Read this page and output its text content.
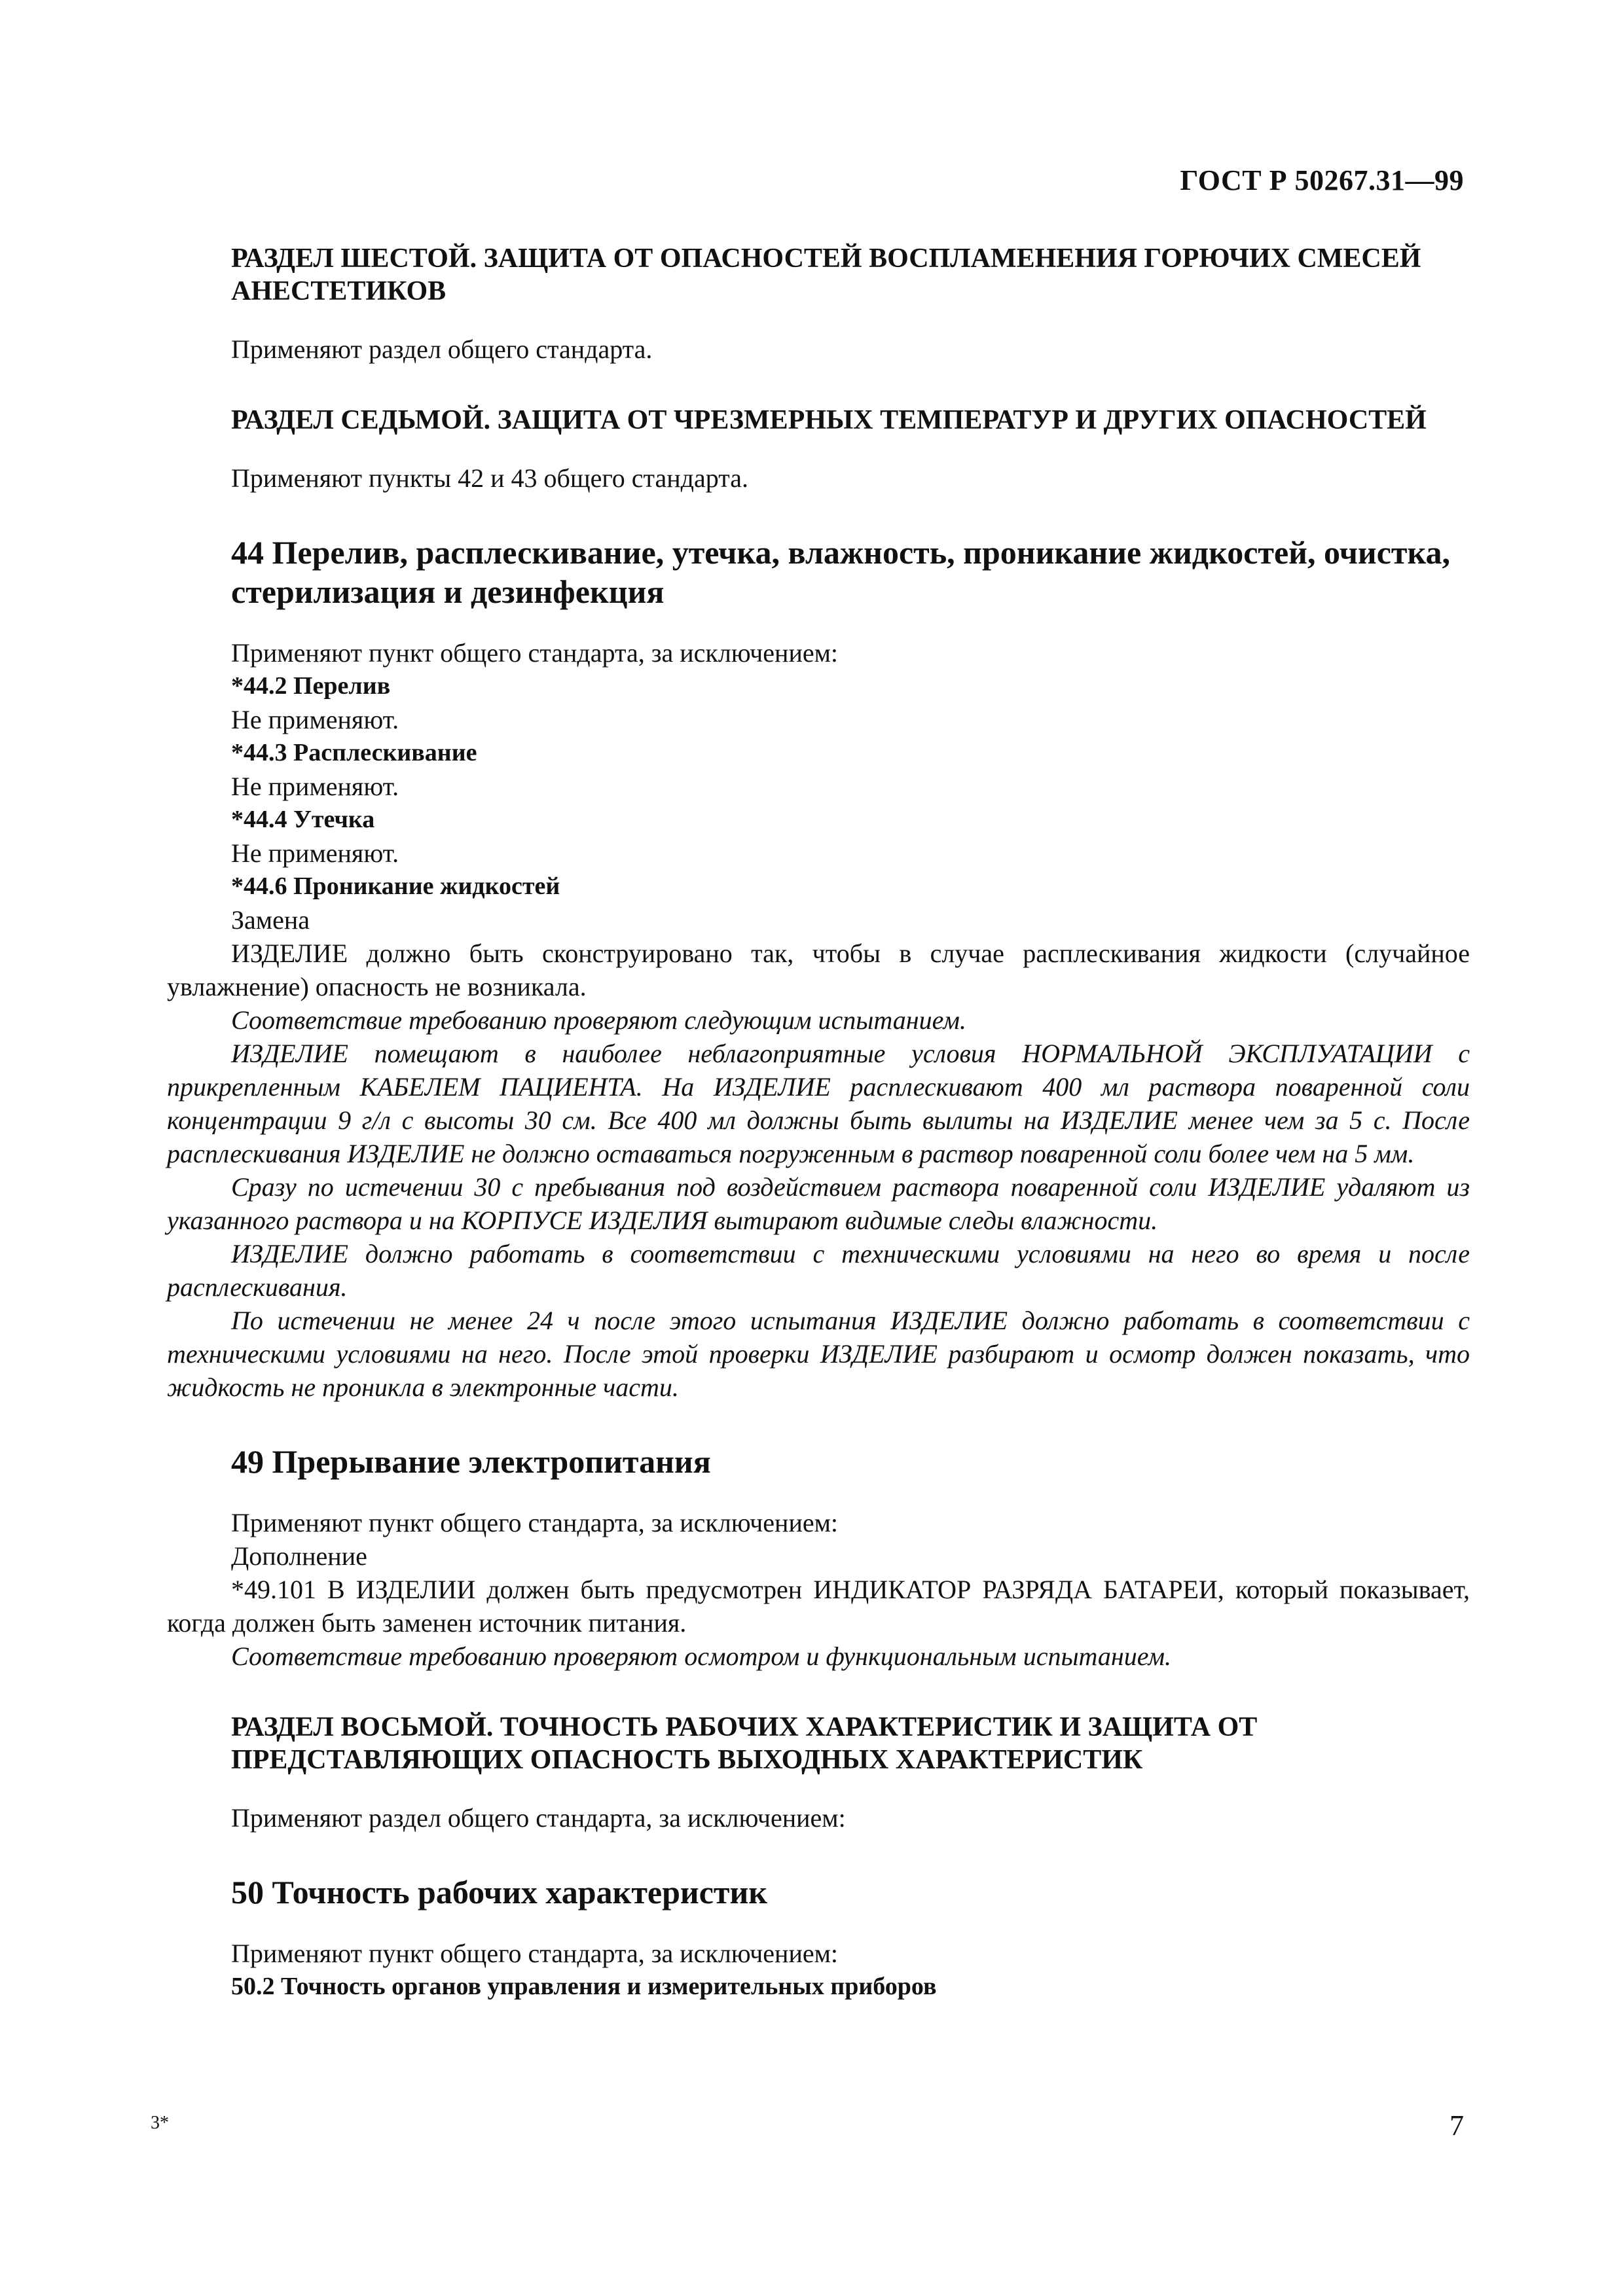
ГОСТ Р 50267.31—99
РАЗДЕЛ ШЕСТОЙ. ЗАЩИТА ОТ ОПАСНОСТЕЙ ВОСПЛАМЕНЕНИЯ ГОРЮЧИХ СМЕСЕЙ АНЕСТЕТИКОВ
Применяют раздел общего стандарта.
РАЗДЕЛ СЕДЬМОЙ. ЗАЩИТА ОТ ЧРЕЗМЕРНЫХ ТЕМПЕРАТУР И ДРУГИХ ОПАСНОСТЕЙ
Применяют пункты 42 и 43 общего стандарта.
44 Перелив, расплескивание, утечка, влажность, проникание жидкостей, очистка, стерилизация и дезинфекция
Применяют пункт общего стандарта, за исключением:
*44.2 Перелив
Не применяют.
*44.3 Расплескивание
Не применяют.
*44.4 Утечка
Не применяют.
*44.6 Проникание жидкостей
Замена
ИЗДЕЛИЕ должно быть сконструировано так, чтобы в случае расплескивания жидкости (случайное увлажнение) опасность не возникала.
Соответствие требованию проверяют следующим испытанием.
ИЗДЕЛИЕ помещают в наиболее неблагоприятные условия НОРМАЛЬНОЙ ЭКСПЛУАТАЦИИ с прикрепленным КАБЕЛЕМ ПАЦИЕНТА. На ИЗДЕЛИЕ расплескивают 400 мл раствора поваренной соли концентрации 9 г/л с высоты 30 см. Все 400 мл должны быть вылиты на ИЗДЕЛИЕ менее чем за 5 с. После расплескивания ИЗДЕЛИЕ не должно оставаться погруженным в раствор поваренной соли более чем на 5 мм.
Сразу по истечении 30 с пребывания под воздействием раствора поваренной соли ИЗДЕЛИЕ удаляют из указанного раствора и на КОРПУСЕ ИЗДЕЛИЯ вытирают видимые следы влажности.
ИЗДЕЛИЕ должно работать в соответствии с техническими условиями на него во время и после расплескивания.
По истечении не менее 24 ч после этого испытания ИЗДЕЛИЕ должно работать в соответствии с техническими условиями на него. После этой проверки ИЗДЕЛИЕ разбирают и осмотр должен показать, что жидкость не проникла в электронные части.
49 Прерывание электропитания
Применяют пункт общего стандарта, за исключением:
Дополнение
*49.101 В ИЗДЕЛИИ должен быть предусмотрен ИНДИКАТОР РАЗРЯДА БАТАРЕИ, который показывает, когда должен быть заменен источник питания.
Соответствие требованию проверяют осмотром и функциональным испытанием.
РАЗДЕЛ ВОСЬМОЙ. ТОЧНОСТЬ РАБОЧИХ ХАРАКТЕРИСТИК И ЗАЩИТА ОТ ПРЕДСТАВЛЯЮЩИХ ОПАСНОСТЬ ВЫХОДНЫХ ХАРАКТЕРИСТИК
Применяют раздел общего стандарта, за исключением:
50 Точность рабочих характеристик
Применяют пункт общего стандарта, за исключением:
50.2 Точность органов управления и измерительных приборов
3*	7
